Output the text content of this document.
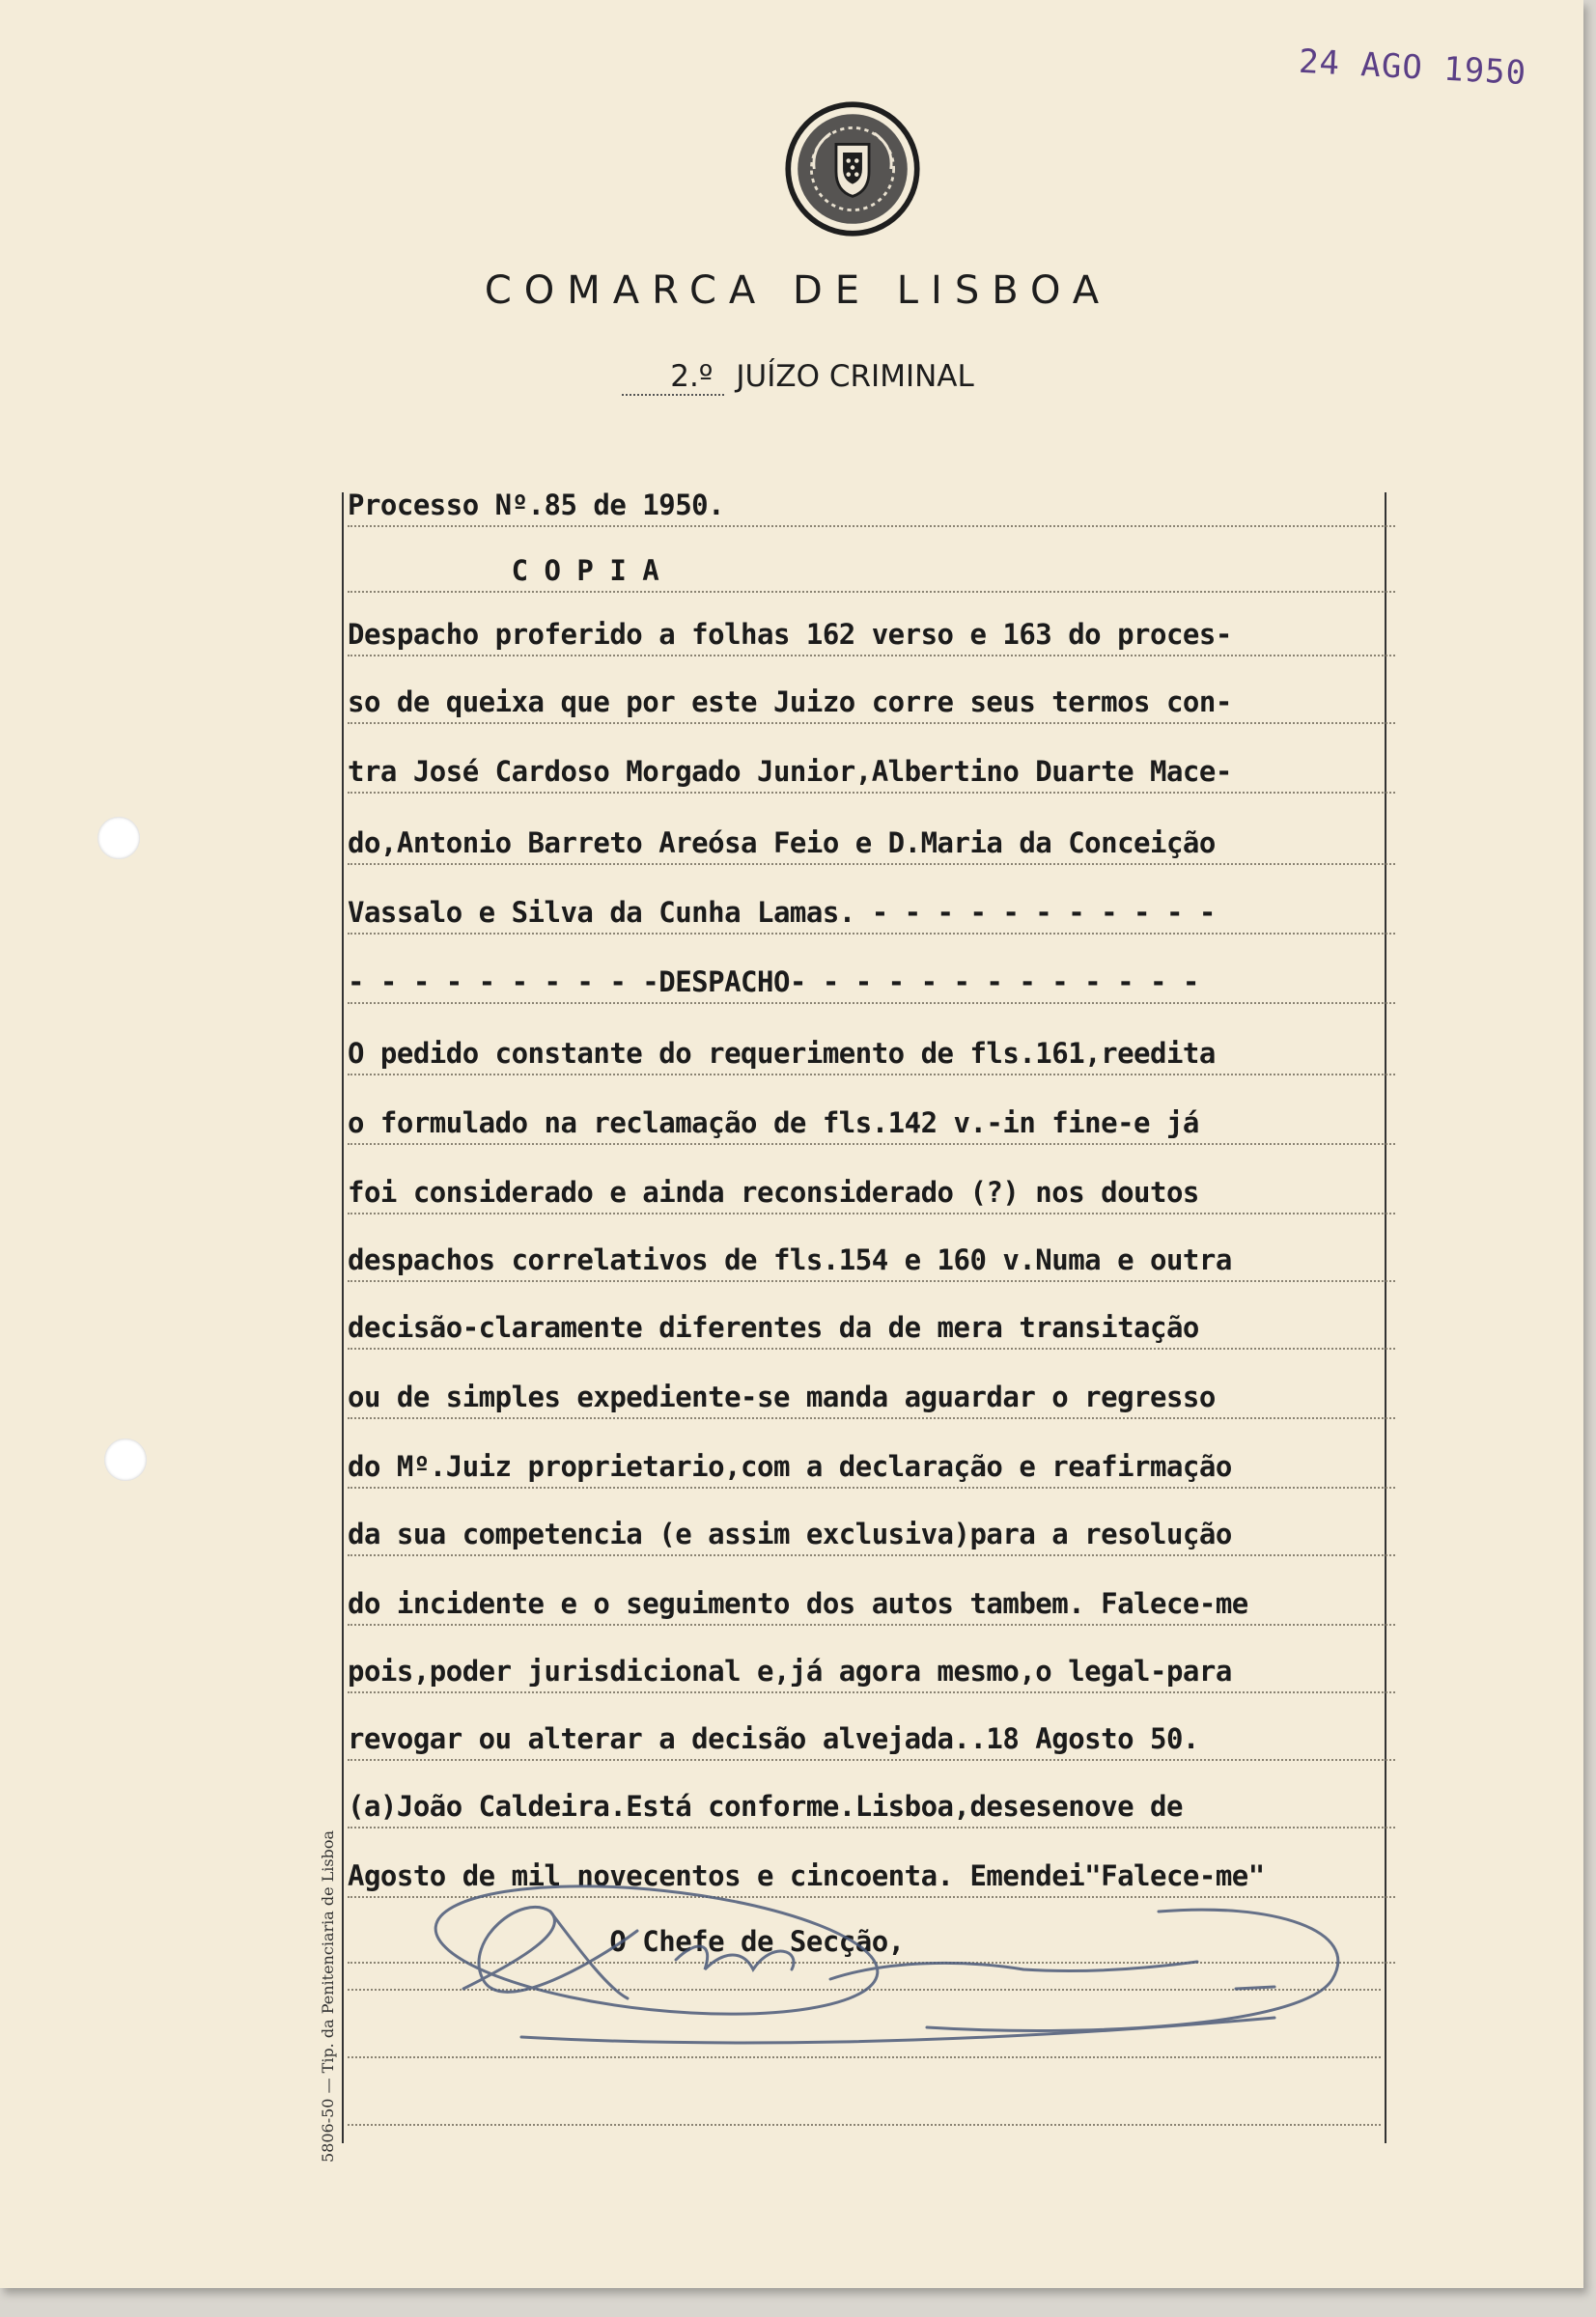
24 AGO 1950
COMARCA DE LISBOA
2.º JUÍZO CRIMINAL
Processo Nº.85 de 1950.
C O P I A
Despacho proferido a folhas 162 verso e 163 do proces-
so de queixa que por este Juizo corre seus termos con-
tra José Cardoso Morgado Junior,Albertino Duarte Mace-
do,Antonio Barreto Areósa Feio e D.Maria da Conceição
Vassalo e Silva da Cunha Lamas. - - - - - - - - - - -
- - - - - - - - - -DESPACHO- - - - - - - - - - - - -
O pedido constante do requerimento de fls.161,reedita
o formulado na reclamação de fls.142 v.-in fine-e já
foi considerado e ainda reconsiderado (?) nos doutos
despachos correlativos de fls.154 e 160 v.Numa e outra
decisão-claramente diferentes da de mera transitação
ou de simples expediente-se manda aguardar o regresso
do Mº.Juiz proprietario,com a declaração e reafirmação
da sua competencia (e assim exclusiva)para a resolução
do incidente e o seguimento dos autos tambem. Falece-me
pois,poder jurisdicional e,já agora mesmo,o legal-para
revogar ou alterar a decisão alvejada..18 Agosto 50.
(a)João Caldeira.Está conforme.Lisboa,desesenove de
Agosto de mil novecentos e cincoenta. Emendei"Falece-me"
O Chefe de Secção,
5806-50 — Tip. da Penitenciaria de Lisboa
